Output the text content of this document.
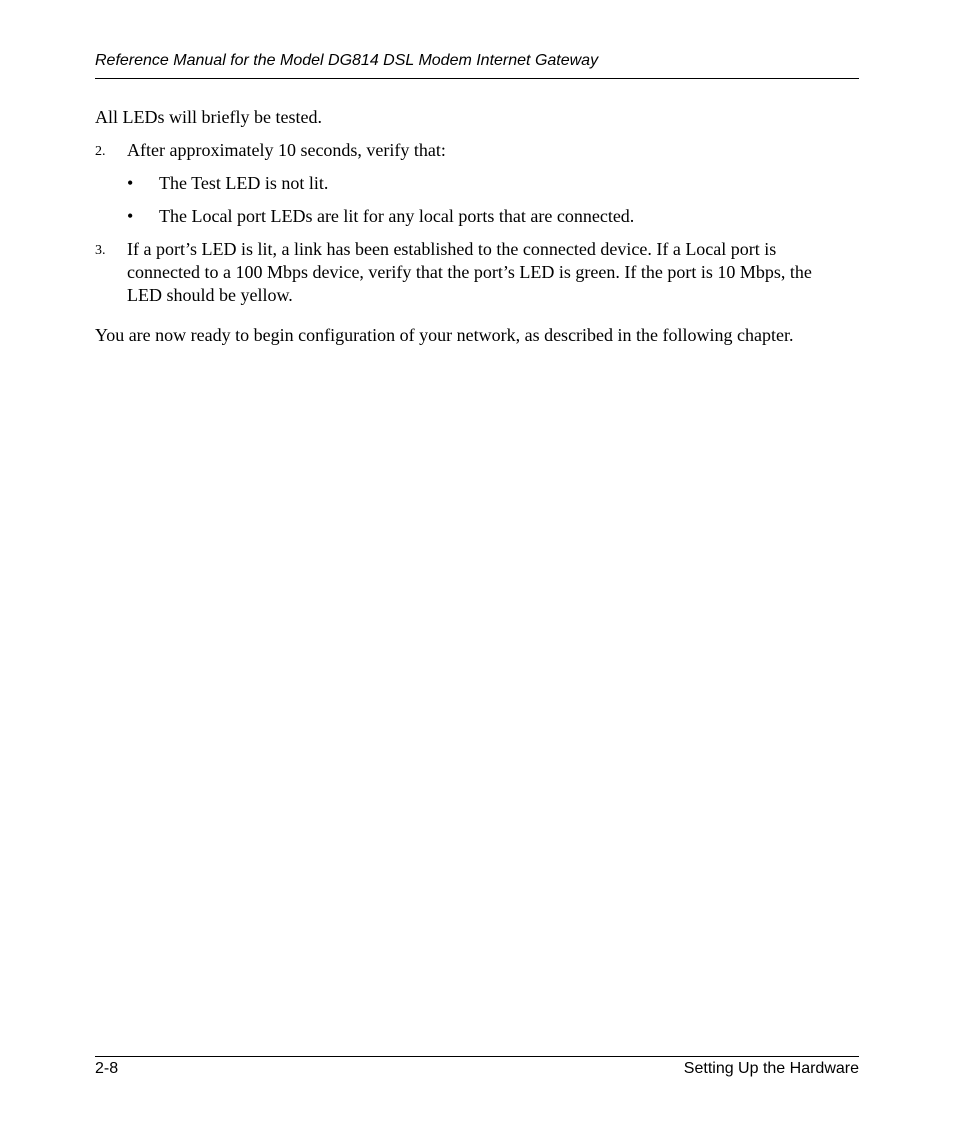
Reference Manual for the Model DG814 DSL Modem Internet Gateway

All LEDs will briefly be tested.

2. After approximately 10 seconds, verify that:

• The Test LED is not lit.
• The Local port LEDs are lit for any local ports that are connected.
3. If a port’s LED is lit, a link has been established to the connected device. If a Local port is
connected to a 100 Mbps device, verify that the port’s LED is green. If the port is 10 Mbps, the
LED should be yellow.

You are now ready to begin configuration of your network, as described in the following chapter.

2-8	Setting Up the Hardware
